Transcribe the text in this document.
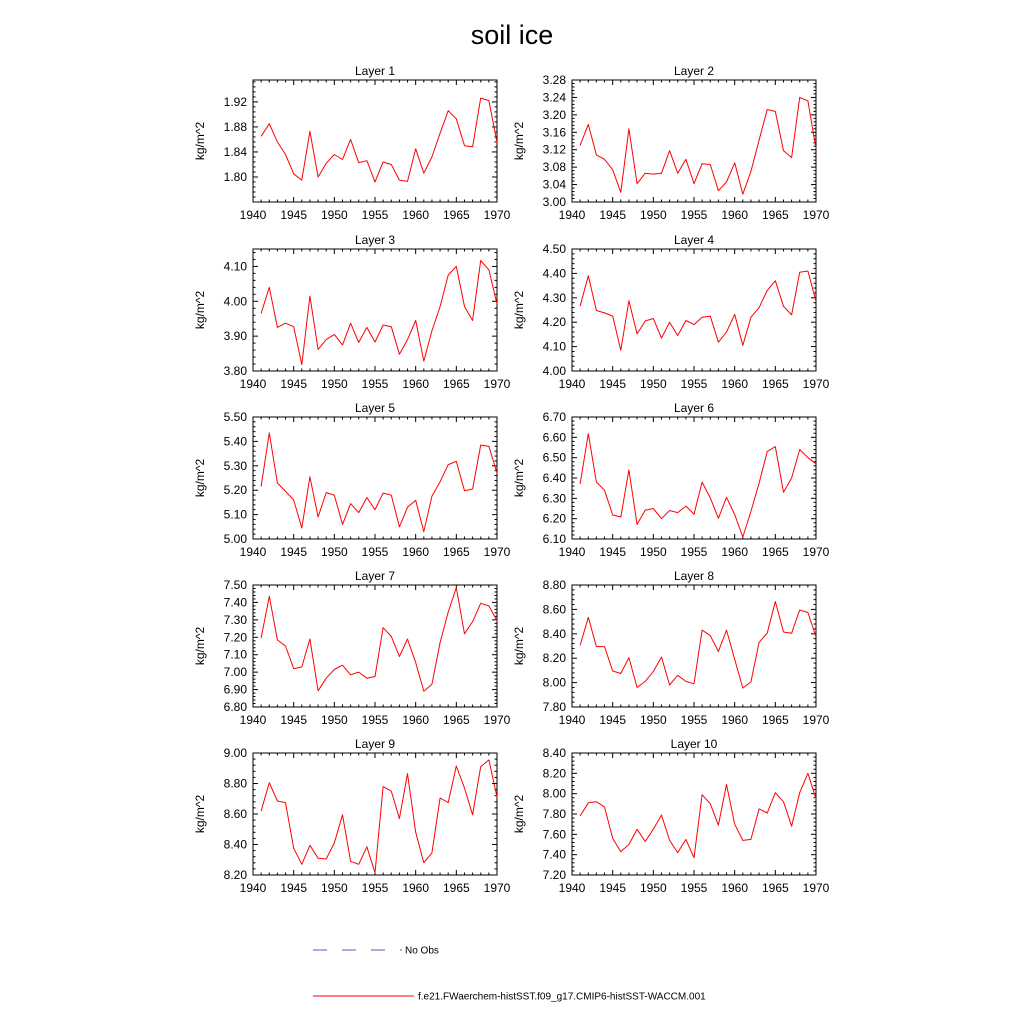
soil ice
Layer 1
1940 1945 1950 1955 1960 1965 1970
1.80
1.84
1.88
1.92
kg/m^2
Layer 2
1940 1945 1950 1955 1960 1965 1970
3.00
3.04
3.08
3.12
3.16
3.20
3.24
3.28
kg/m^2
Layer 3
1940 1945 1950 1955 1960 1965 1970
3.80
3.90
4.00
4.10
kg/m^2
Layer 4
1940 1945 1950 1955 1960 1965 1970
4.00
4.10
4.20
4.30
4.40
4.50
kg/m^2
Layer 5
1940 1945 1950 1955 1960 1965 1970
5.00
5.10
5.20
5.30
5.40
5.50
kg/m^2
Layer 6
1940 1945 1950 1955 1960 1965 1970
6.10
6.20
6.30
6.40
6.50
6.60
6.70
kg/m^2
Layer 7
1940 1945 1950 1955 1960 1965 1970
6.80
6.90
7.00
7.10
7.20
7.30
7.40
7.50
kg/m^2
Layer 8
1940 1945 1950 1955 1960 1965 1970
7.80
8.00
8.20
8.40
8.60
8.80
kg/m^2
Layer 9
1940 1945 1950 1955 1960 1965 1970
8.20
8.40
8.60
8.80
9.00
kg/m^2
Layer 10
1940 1945 1950 1955 1960 1965 1970
7.20
7.40
7.60
7.80
8.00
8.20
8.40
kg/m^2
No Obs
f.e21.FWaerchem-histSST.f09_g17.CMIP6-histSST-WACCM.001
